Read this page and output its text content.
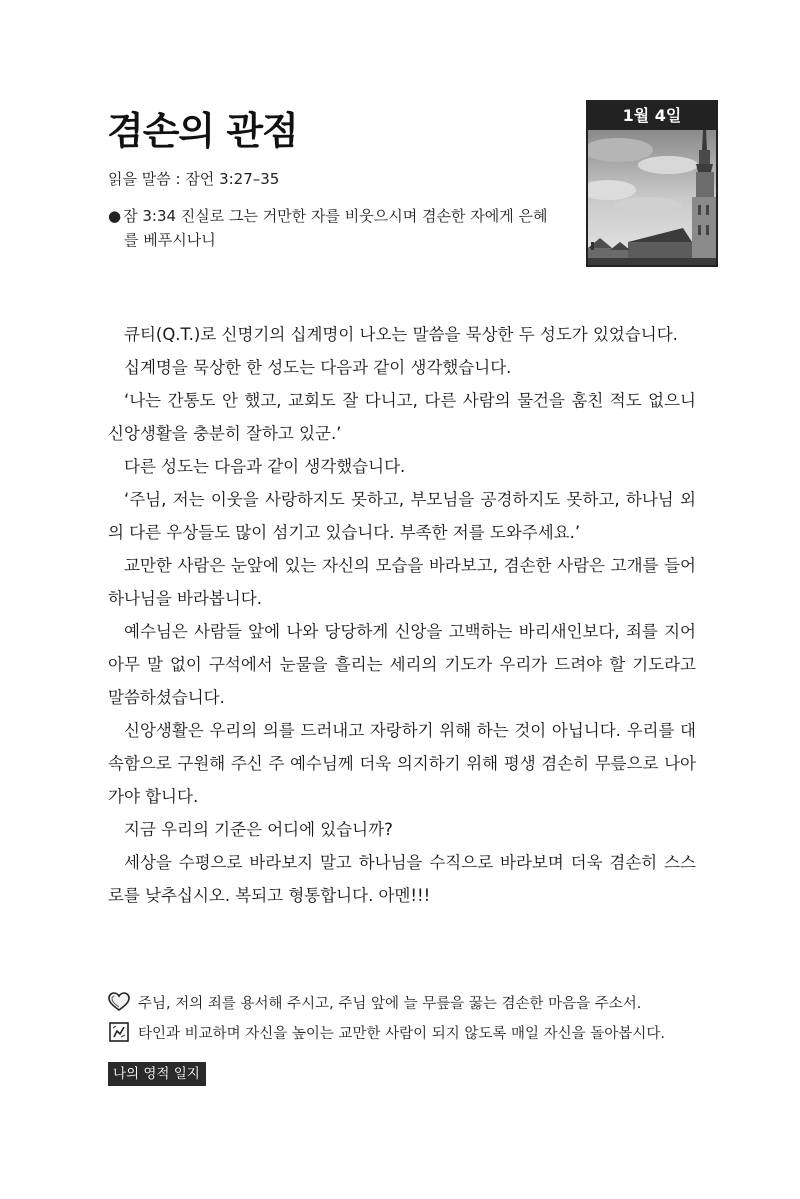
겸손의 관점
읽을 말씀 : 잠언 3:27–35
● 잠 3:34 진실로 그는 거만한 자를 비웃으시며 겸손한 자에게 은혜
를 베푸시나니
1월 4일

큐티(Q.T.)로 신명기의 십계명이 나오는 말씀을 묵상한 두 성도가 있었습니다.

십계명을 묵상한 한 성도는 다음과 같이 생각했습니다.

‘나는 간통도 안 했고, 교회도 잘 다니고, 다른 사람의 물건을 훔친 적도 없으니 신앙생활을 충분히 잘하고 있군.’

다른 성도는 다음과 같이 생각했습니다.

‘주님, 저는 이웃을 사랑하지도 못하고, 부모님을 공경하지도 못하고, 하나님 외의 다른 우상들도 많이 섬기고 있습니다. 부족한 저를 도와주세요.’

교만한 사람은 눈앞에 있는 자신의 모습을 바라보고, 겸손한 사람은 고개를 들어 하나님을 바라봅니다.

예수님은 사람들 앞에 나와 당당하게 신앙을 고백하는 바리새인보다, 죄를 지어 아무 말 없이 구석에서 눈물을 흘리는 세리의 기도가 우리가 드려야 할 기도라고 말씀하셨습니다.

신앙생활은 우리의 의를 드러내고 자랑하기 위해 하는 것이 아닙니다. 우리를 대속함으로 구원해 주신 주 예수님께 더욱 의지하기 위해 평생 겸손히 무릎으로 나아가야 합니다.

지금 우리의 기준은 어디에 있습니까?

세상을 수평으로 바라보지 말고 하나님을 수직으로 바라보며 더욱 겸손히 스스로를 낮추십시오. 복되고 형통합니다. 아멘!!!

주님, 저의 죄를 용서해 주시고, 주님 앞에 늘 무릎을 꿇는 겸손한 마음을 주소서.
타인과 비교하며 자신을 높이는 교만한 사람이 되지 않도록 매일 자신을 돌아봅시다.
나의 영적 일지
